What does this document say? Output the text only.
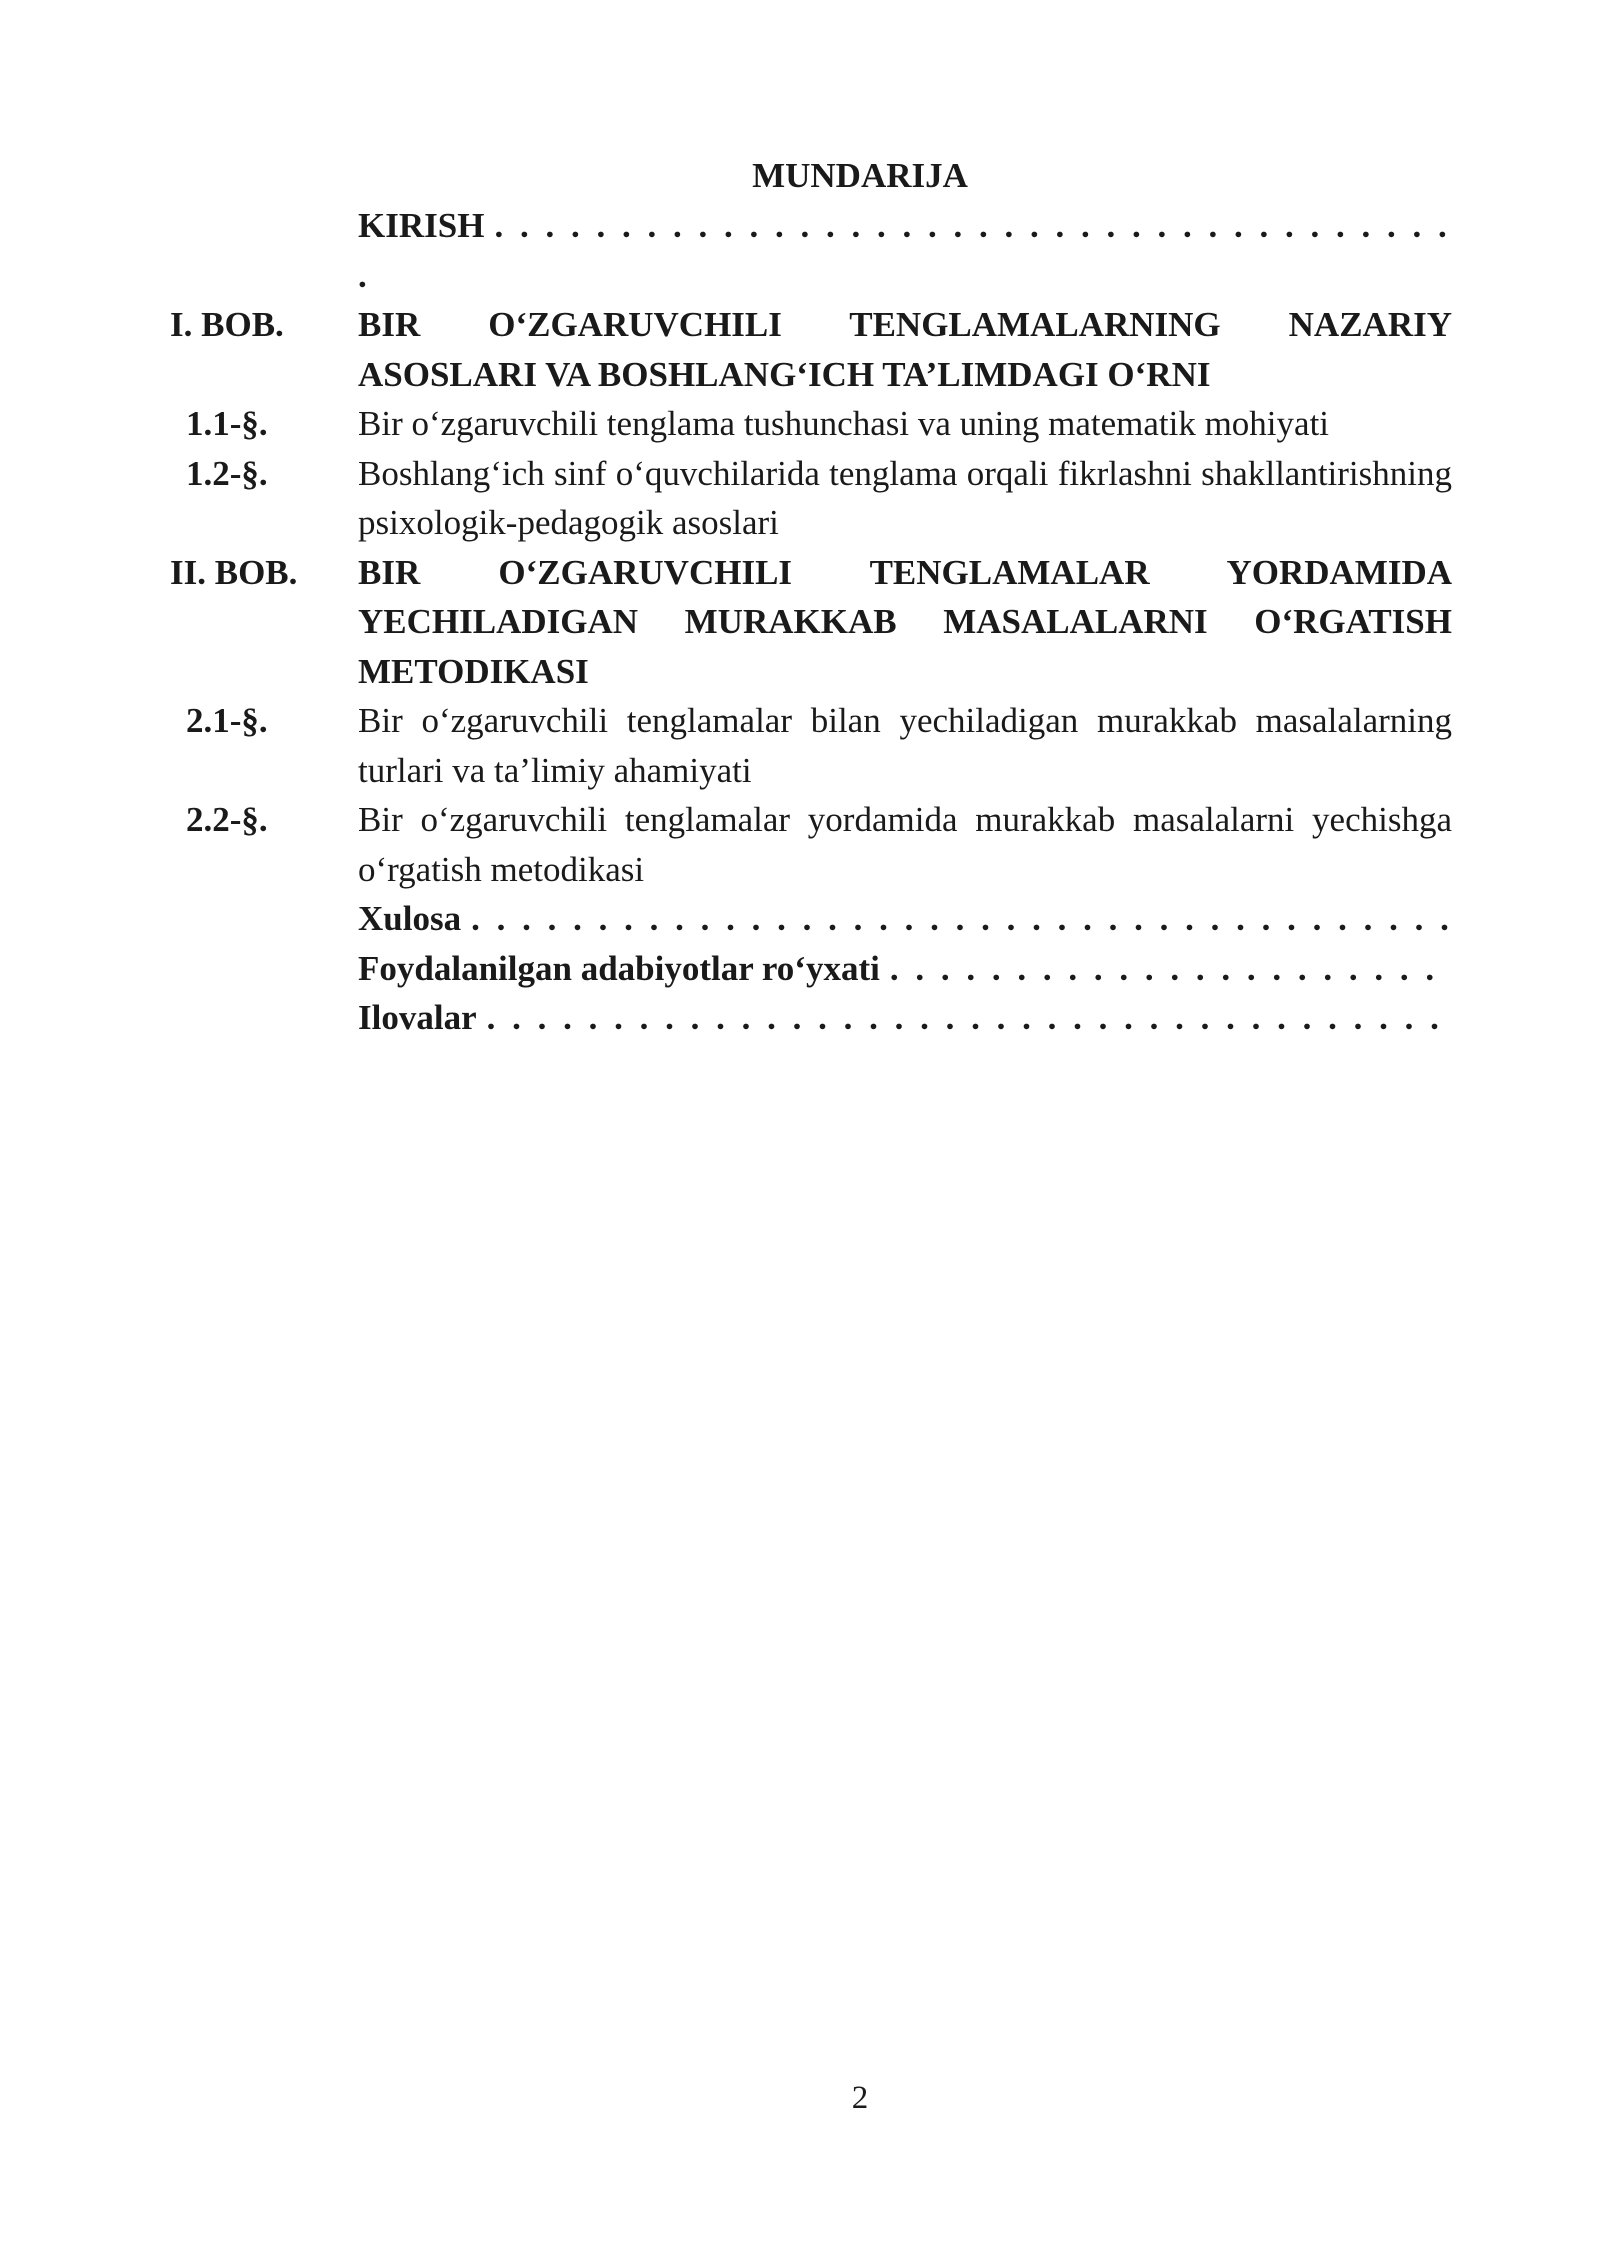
MUNDARIJA
KIRISH
. . .
.
I. BOB.	BIR O‘ZGARUVCHILI TENGLAMALARNING NAZARIY ASOSLARI VA BOSHLANG‘ICH TA’LIMDAGI O‘RNI
1.1-§.	Bir o‘zgaruvchili tenglama tushunchasi va uning matematik mohiyati
1.2-§.	Boshlang‘ich sinf o‘quvchilarida tenglama orqali fikrlashni shakllantirishning psixologik-pedagogik asoslari
II. BOB.	BIR O‘ZGARUVCHILI TENGLAMALAR YORDAMIDA YECHILADIGAN MURAKKAB MASALALARNI O‘RGATISH METODIKASI
2.1-§.	Bir o‘zgaruvchili tenglamalar bilan yechiladigan murakkab masalalarning turlari va ta’limiy ahamiyati
2.2-§.	Bir o‘zgaruvchili tenglamalar yordamida murakkab masalalarni yechishga o‘rgatish metodikasi
Xulosa
. . .
Foydalanilgan adabiyotlar ro‘yxati
. . .
Ilovalar
. . .
2
